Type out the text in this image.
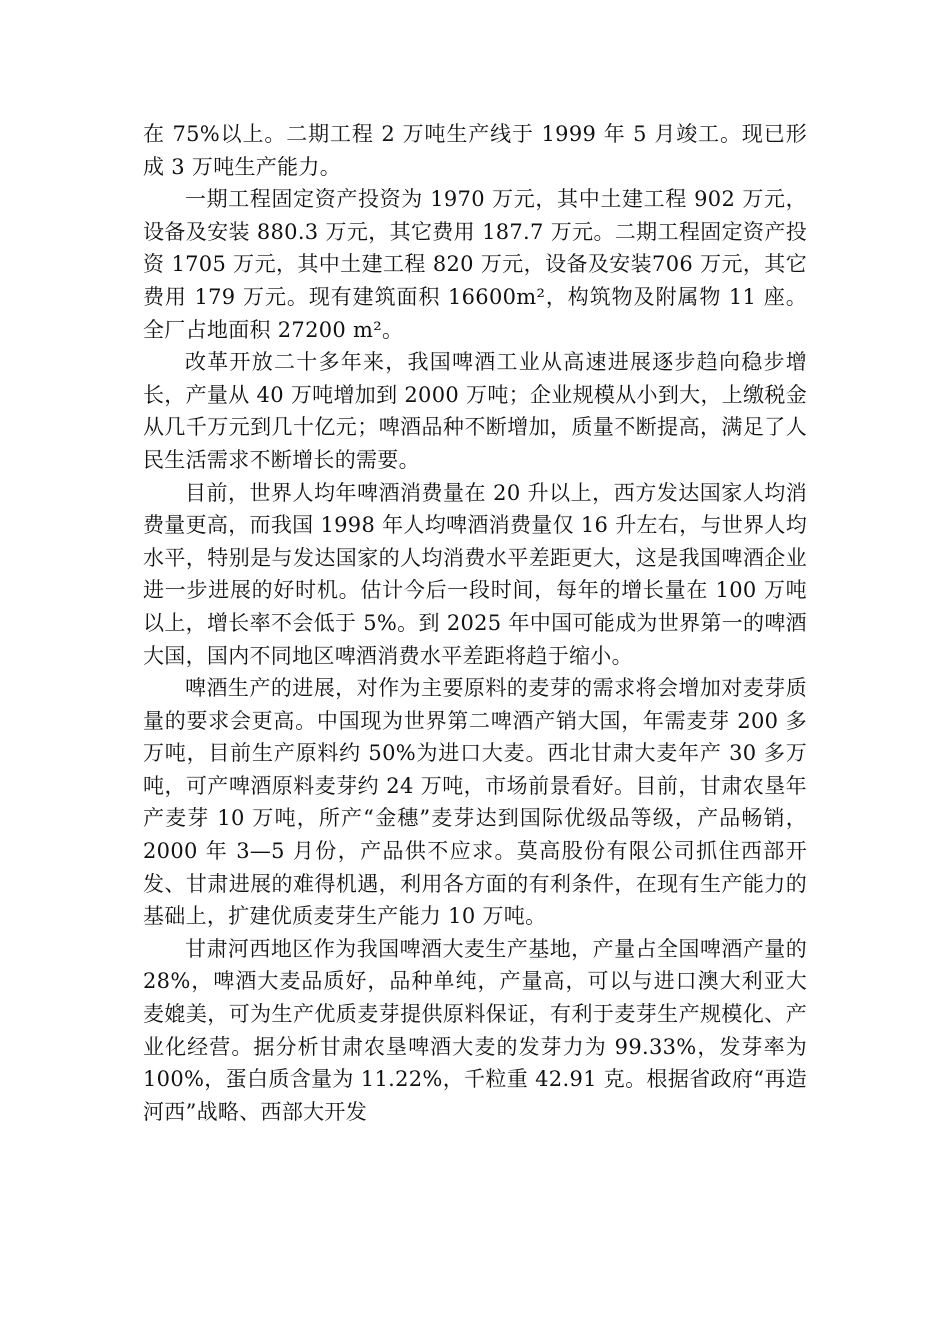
在 75%以上。二期工程 2 万吨生产线于 1999 年 5 月竣工。现已形成 3 万吨生产能力。

一期工程固定资产投资为 1970 万元，其中土建工程 902 万元，设备及安装 880.3 万元，其它费用 187.7 万元。二期工程固定资产投资 1705 万元，其中土建工程 820 万元，设备及安装706 万元，其它费用 179 万元。现有建筑面积 16600m²，构筑物及附属物 11 座。全厂占地面积 27200 m²。

改革开放二十多年来，我国啤酒工业从高速进展逐步趋向稳步增长，产量从 40 万吨增加到 2000 万吨；企业规模从小到大，上缴税金从几千万元到几十亿元；啤酒品种不断增加，质量不断提高，满足了人民生活需求不断增长的需要。

目前，世界人均年啤酒消费量在 20 升以上，西方发达国家人均消费量更高，而我国 1998 年人均啤酒消费量仅 16 升左右，与世界人均水平，特别是与发达国家的人均消费水平差距更大，这是我国啤酒企业进一步进展的好时机。估计今后一段时间，每年的增长量在 100 万吨以上，增长率不会低于 5%。到 2025 年中国可能成为世界第一的啤酒大国，国内不同地区啤酒消费水平差距将趋于缩小。

啤酒生产的进展，对作为主要原料的麦芽的需求将会增加对麦芽质量的要求会更高。中国现为世界第二啤酒产销大国，年需麦芽 200 多万吨，目前生产原料约 50%为进口大麦。西北甘肃大麦年产 30 多万吨，可产啤酒原料麦芽约 24 万吨，市场前景看好。目前，甘肃农垦年产麦芽 10 万吨，所产“金穗”麦芽达到国际优级品等级，产品畅销，2000 年 3—5 月份，产品供不应求。莫高股份有限公司抓住西部开发、甘肃进展的难得机遇，利用各方面的有利条件，在现有生产能力的基础上，扩建优质麦芽生产能力 10 万吨。

甘肃河西地区作为我国啤酒大麦生产基地，产量占全国啤酒产量的 28%，啤酒大麦品质好，品种单纯，产量高，可以与进口澳大利亚大麦媲美，可为生产优质麦芽提供原料保证，有利于麦芽生产规模化、产业化经营。据分析甘肃农垦啤酒大麦的发芽力为 99.33%，发芽率为 100%，蛋白质含量为 11.22%，千粒重 42.91 克。根据省政府“再造河西”战略、西部大开发
